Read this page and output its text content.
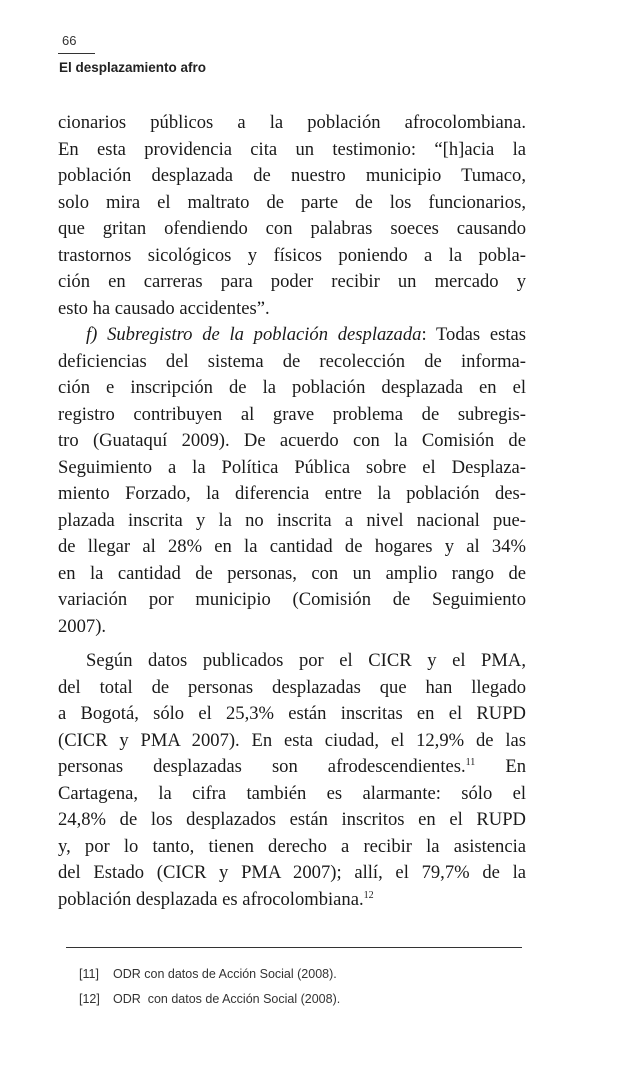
66
El desplazamiento afro

cionarios públicos a la población afrocolombiana.
En esta providencia cita un testimonio: “[h]acia la
población desplazada de nuestro municipio Tumaco,
solo mira el maltrato de parte de los funcionarios,
que gritan ofendiendo con palabras soeces causando
trastornos sicológicos y físicos poniendo a la pobla-
ción en carreras para poder recibir un mercado y
esto ha causado accidentes”.

f) Subregistro de la población desplazada: Todas estas
deficiencias del sistema de recolección de informa-
ción e inscripción de la población desplazada en el
registro contribuyen al grave problema de subregis-
tro (Guataquí 2009). De acuerdo con la Comisión de
Seguimiento a la Política Pública sobre el Desplaza-
miento Forzado, la diferencia entre la población des-
plazada inscrita y la no inscrita a nivel nacional pue-
de llegar al 28% en la cantidad de hogares y al 34%
en la cantidad de personas, con un amplio rango de
variación por municipio (Comisión de Seguimiento
2007).

Según datos publicados por el CICR y el PMA,
del total de personas desplazadas que han llegado
a Bogotá, sólo el 25,3% están inscritas en el RUPD
(CICR y PMA 2007). En esta ciudad, el 12,9% de las
personas desplazadas son afrodescendientes.$^{11}$ En
Cartagena, la cifra también es alarmante: sólo el
24,8% de los desplazados están inscritos en el RUPD
y, por lo tanto, tienen derecho a recibir la asistencia
del Estado (CICR y PMA 2007); allí, el 79,7% de la
población desplazada es afrocolombiana.$^{12}$

[11] ODR con datos de Acción Social (2008).
[12] ODR  con datos de Acción Social (2008).
